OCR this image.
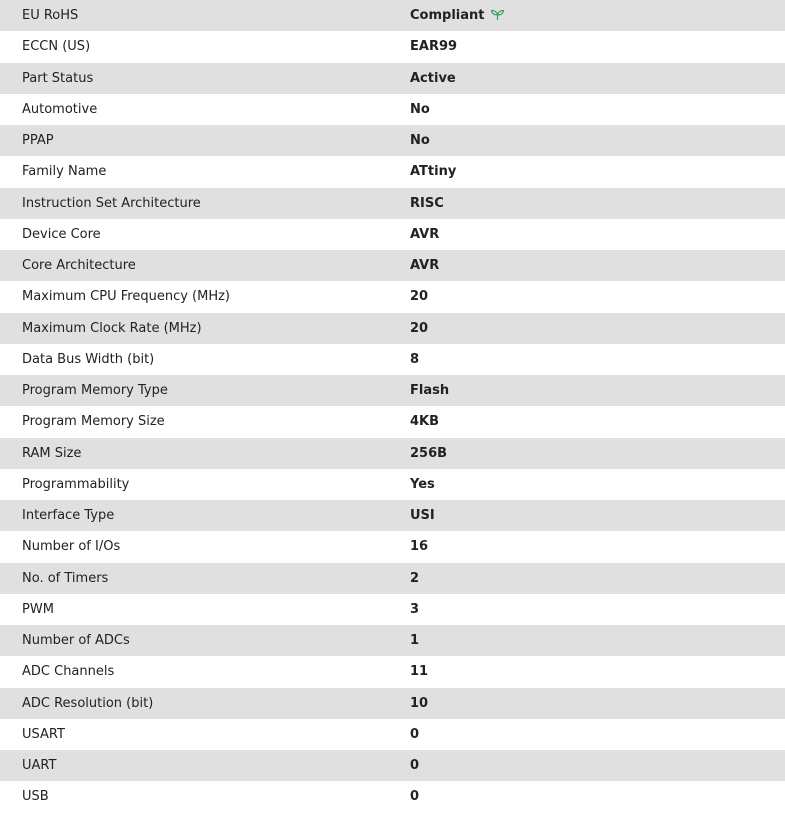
EU RoHS	Compliant
ECCN (US)	EAR99
Part Status	Active
Automotive	No
PPAP	No
Family Name	ATtiny
Instruction Set Architecture	RISC
Device Core	AVR
Core Architecture	AVR
Maximum CPU Frequency (MHz)	20
Maximum Clock Rate (MHz)	20
Data Bus Width (bit)	8
Program Memory Type	Flash
Program Memory Size	4KB
RAM Size	256B
Programmability	Yes
Interface Type	USI
Number of I/Os	16
No. of Timers	2
PWM	3
Number of ADCs	1
ADC Channels	11
ADC Resolution (bit)	10
USART	0
UART	0
USB	0
